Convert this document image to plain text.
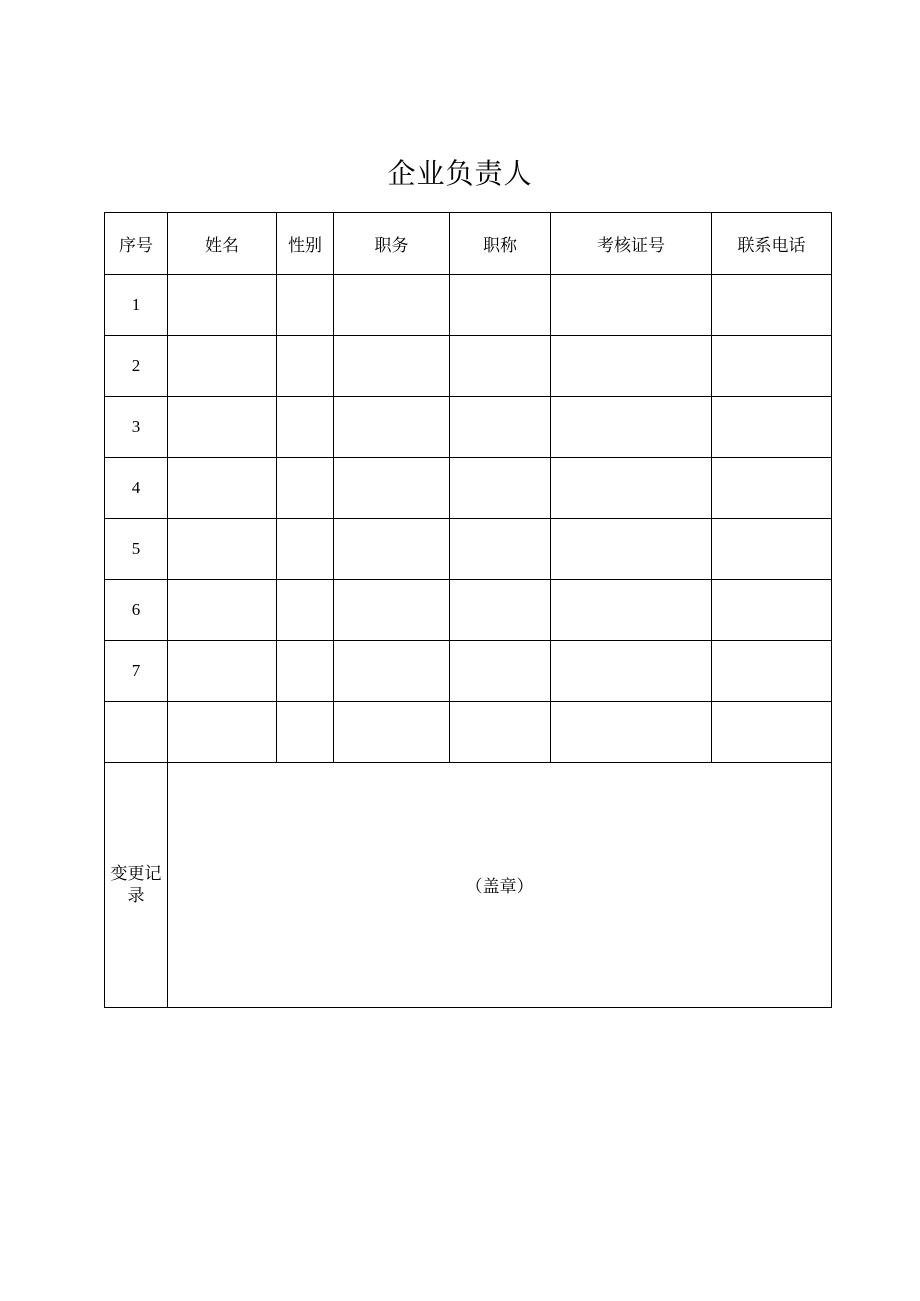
企业负责人
序号	姓名	性别	职务	职称	考核证号	联系电话
1						
2						
3						
4						
5						
6						
7						

变更记
录	（盖章）					
